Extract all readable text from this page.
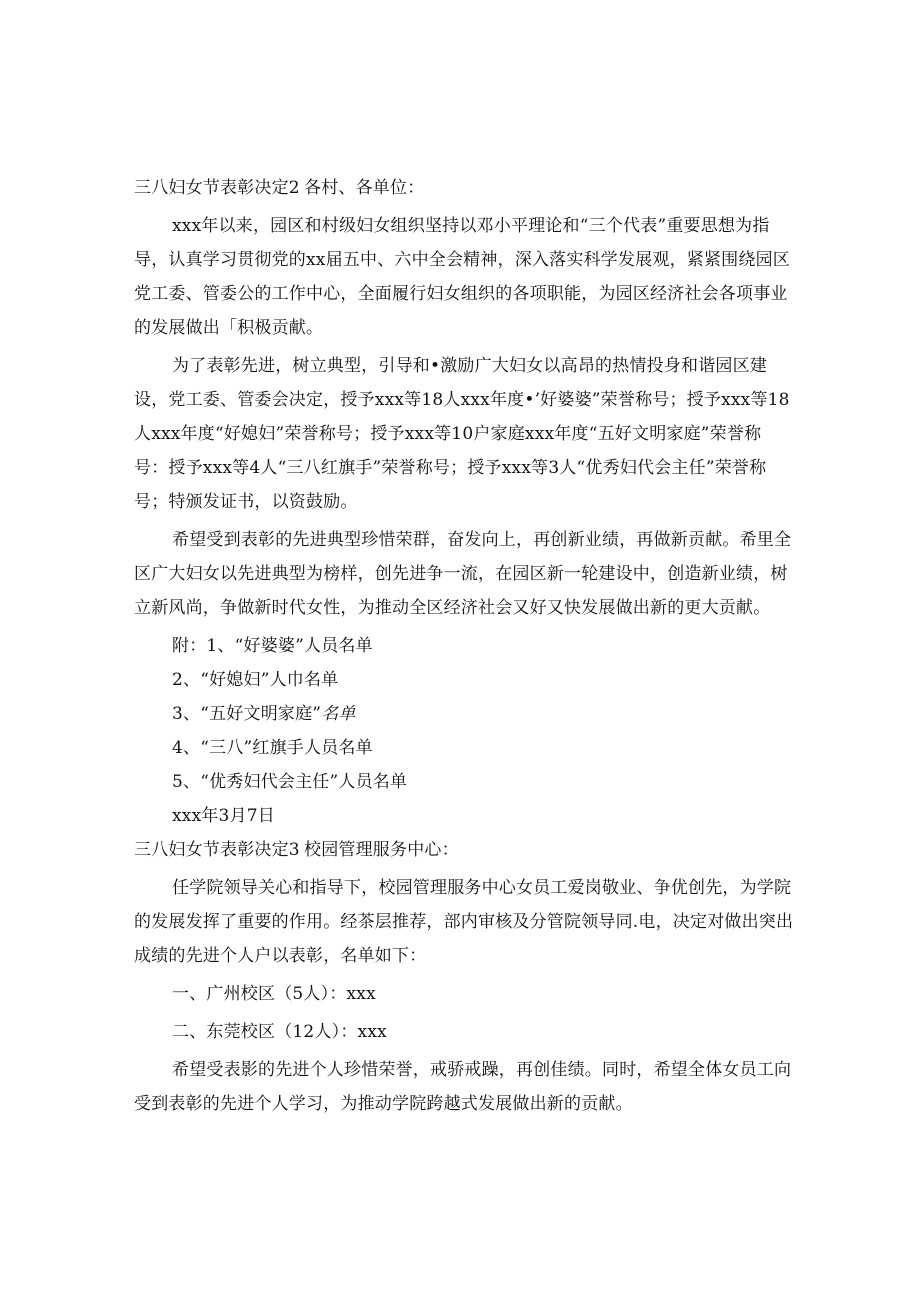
三八妇女节表彰决定2 各村、各单位：

xxx年以来，园区和村级妇女组织坚持以邓小平理论和“三个代表”重要思想为指导，认真学习贯彻党的xx届五中、六中全会精神，深入落实科学发展观，紧紧围绕园区党工委、管委公的工作中心，全面履行妇女组织的各项职能，为园区经济社会各项事业的发展做出「积极贡献。

为了表彰先进，树立典型，引导和•激励广大妇女以高昂的热情投身和谐园区建设，党工委、管委会决定，授予xxx等18人xxx年度•’好婆婆”荣誉称号；授予xxx等18人xxx年度“好媳妇”荣誉称号；授予xxx等10户家庭xxx年度“五好文明家庭”荣誉称号：授予xxx等4人“三八红旗手”荣誉称号；授予xxx等3人“优秀妇代会主任”荣誉称号；特颁发证书，以资鼓励。

希望受到表彰的先进典型珍惜荣群，奋发向上，再创新业绩，再做新贡献。希里全区广大妇女以先进典型为榜样，创先进争一流，在园区新一轮建设中，创造新业绩，树立新风尚，争做新时代女性，为推动全区经济社会又好又快发展做出新的更大贡献。

附：1、“好婆婆”人员名单
2、“好媳妇”人巾名单
3、“五好文明家庭”名单
4、“三八”红旗手人员名单
5、“优秀妇代会主任”人员名单
xxx年3月7日
三八妇女节表彰决定3 校园管理服务中心：

任学院领导关心和指导下，校园管理服务中心女员工爱岗敬业、争优创先，为学院的发展发挥了重要的作用。经茶层推荐，部内审核及分管院领导同.电，决定对做出突出成绩的先进个人户以表彰，名单如下：

一、广州校区（5人）：xxx
二、东莞校区（12人）：xxx

希望受表影的先进个人珍惜荣誉，戒骄戒躁，再创佳绩。同时，希望全体女员工向受到表彰的先进个人学习，为推动学院跨越式发展做出新的贡献。
